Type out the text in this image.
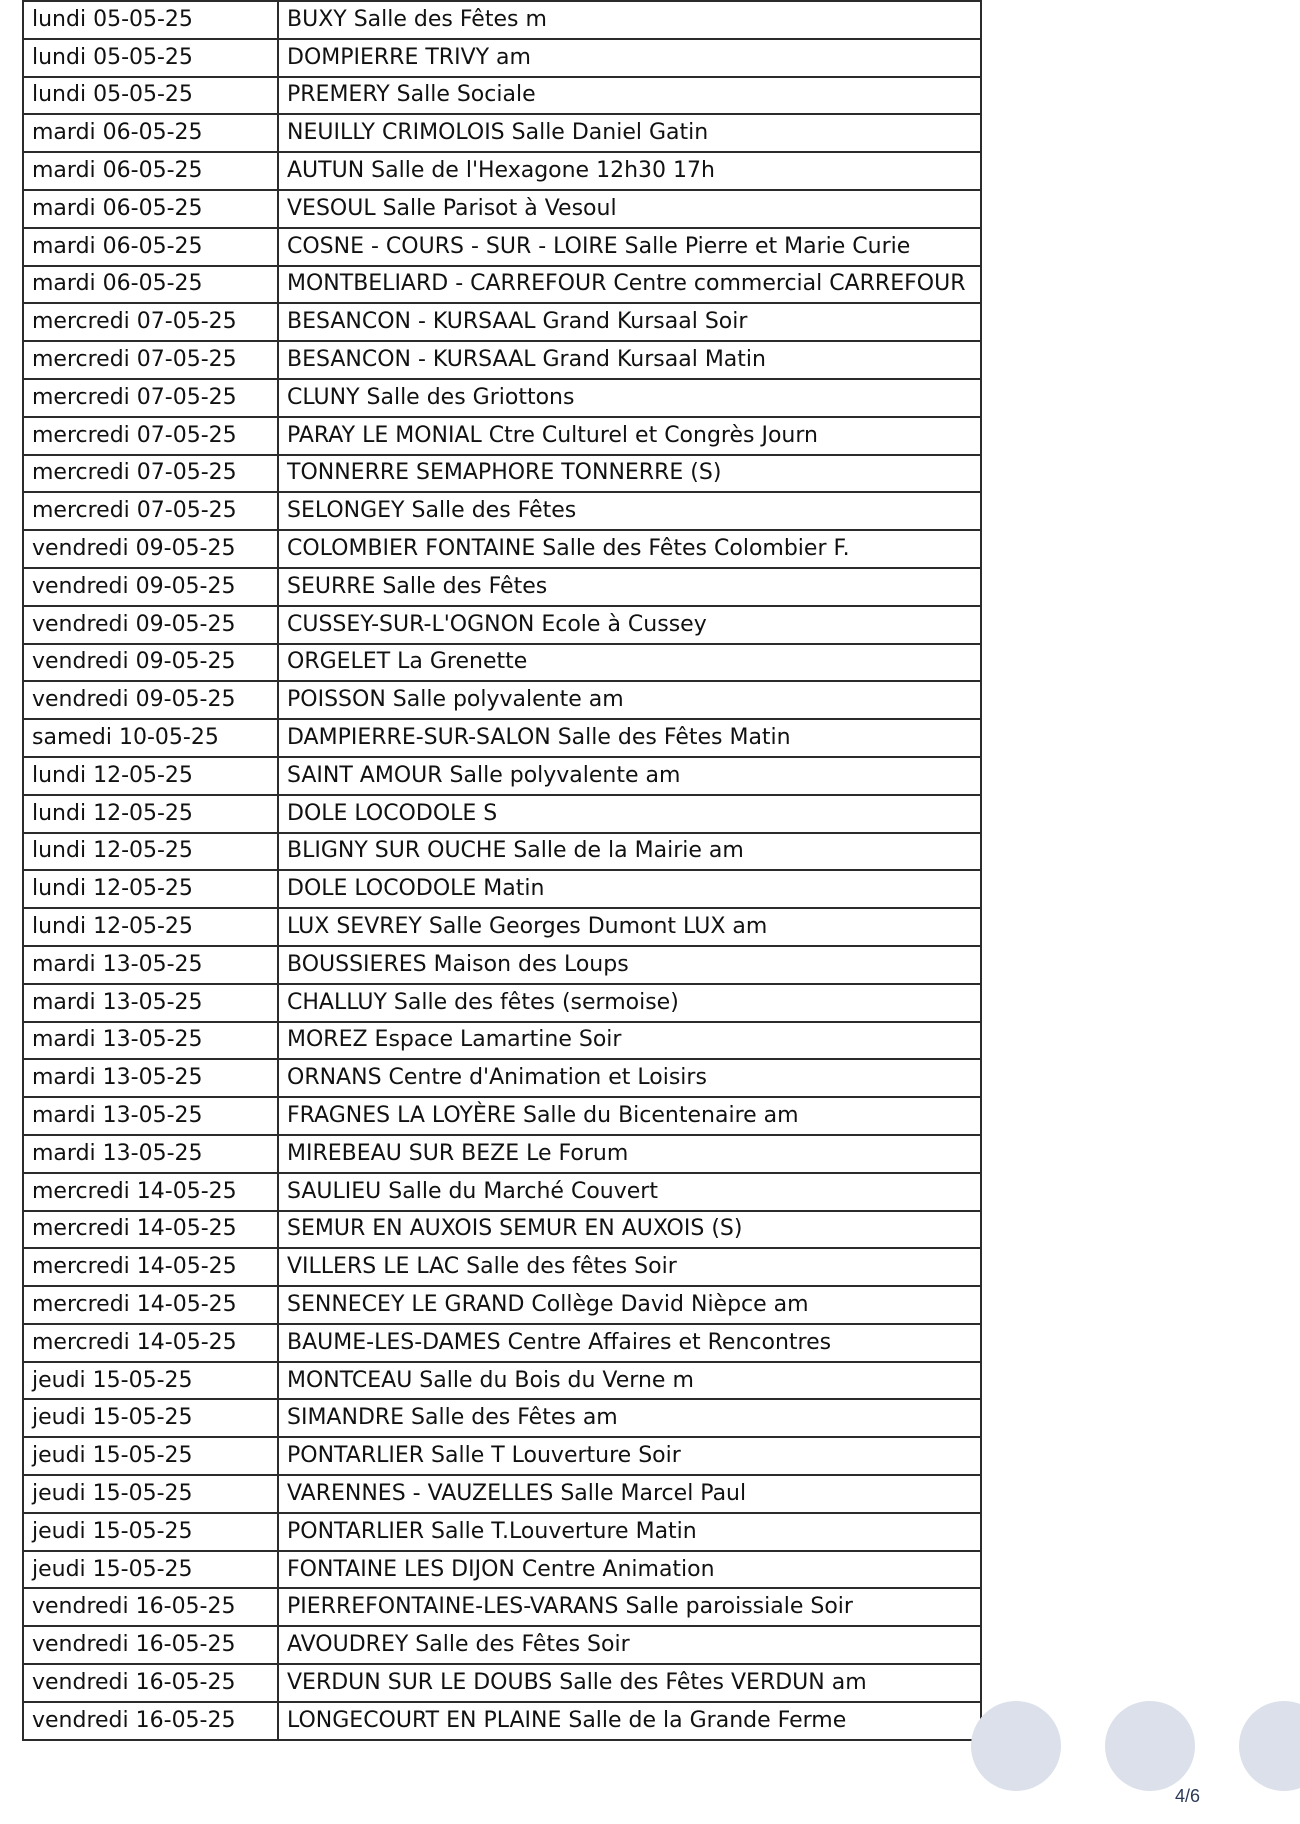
lundi 05-05-25	BUXY Salle des Fêtes m
lundi 05-05-25	DOMPIERRE TRIVY am
lundi 05-05-25	PREMERY Salle Sociale
mardi 06-05-25	NEUILLY CRIMOLOIS Salle Daniel Gatin
mardi 06-05-25	AUTUN Salle de l'Hexagone 12h30 17h
mardi 06-05-25	VESOUL Salle Parisot à Vesoul
mardi 06-05-25	COSNE - COURS - SUR - LOIRE Salle Pierre et Marie Curie
mardi 06-05-25	MONTBELIARD - CARREFOUR Centre commercial CARREFOUR
mercredi 07-05-25	BESANCON - KURSAAL Grand Kursaal Soir
mercredi 07-05-25	BESANCON - KURSAAL Grand Kursaal Matin
mercredi 07-05-25	CLUNY Salle des Griottons
mercredi 07-05-25	PARAY LE MONIAL Ctre Culturel et Congrès Journ
mercredi 07-05-25	TONNERRE SEMAPHORE TONNERRE (S)
mercredi 07-05-25	SELONGEY Salle des Fêtes
vendredi 09-05-25	COLOMBIER FONTAINE Salle des Fêtes Colombier F.
vendredi 09-05-25	SEURRE Salle des Fêtes
vendredi 09-05-25	CUSSEY-SUR-L'OGNON Ecole à Cussey
vendredi 09-05-25	ORGELET La Grenette
vendredi 09-05-25	POISSON Salle polyvalente am
samedi 10-05-25	DAMPIERRE-SUR-SALON Salle des Fêtes Matin
lundi 12-05-25	SAINT AMOUR Salle polyvalente am
lundi 12-05-25	DOLE LOCODOLE S
lundi 12-05-25	BLIGNY SUR OUCHE Salle de la Mairie am
lundi 12-05-25	DOLE LOCODOLE Matin
lundi 12-05-25	LUX SEVREY Salle Georges Dumont LUX am
mardi 13-05-25	BOUSSIERES Maison des Loups
mardi 13-05-25	CHALLUY Salle des fêtes (sermoise)
mardi 13-05-25	MOREZ Espace Lamartine Soir
mardi 13-05-25	ORNANS Centre d'Animation et Loisirs
mardi 13-05-25	FRAGNES LA LOYÈRE Salle du Bicentenaire am
mardi 13-05-25	MIREBEAU SUR BEZE Le Forum
mercredi 14-05-25	SAULIEU Salle du Marché Couvert
mercredi 14-05-25	SEMUR EN AUXOIS SEMUR EN AUXOIS (S)
mercredi 14-05-25	VILLERS LE LAC Salle des fêtes Soir
mercredi 14-05-25	SENNECEY LE GRAND Collège David Nièpce am
mercredi 14-05-25	BAUME-LES-DAMES Centre Affaires et Rencontres
jeudi 15-05-25	MONTCEAU Salle du Bois du Verne m
jeudi 15-05-25	SIMANDRE Salle des Fêtes am
jeudi 15-05-25	PONTARLIER Salle T Louverture Soir
jeudi 15-05-25	VARENNES - VAUZELLES Salle Marcel Paul
jeudi 15-05-25	PONTARLIER Salle T.Louverture Matin
jeudi 15-05-25	FONTAINE LES DIJON Centre Animation
vendredi 16-05-25	PIERREFONTAINE-LES-VARANS Salle paroissiale Soir
vendredi 16-05-25	AVOUDREY Salle des Fêtes Soir
vendredi 16-05-25	VERDUN SUR LE DOUBS Salle des Fêtes VERDUN am
vendredi 16-05-25	LONGECOURT EN PLAINE Salle de la Grande Ferme
4/6
